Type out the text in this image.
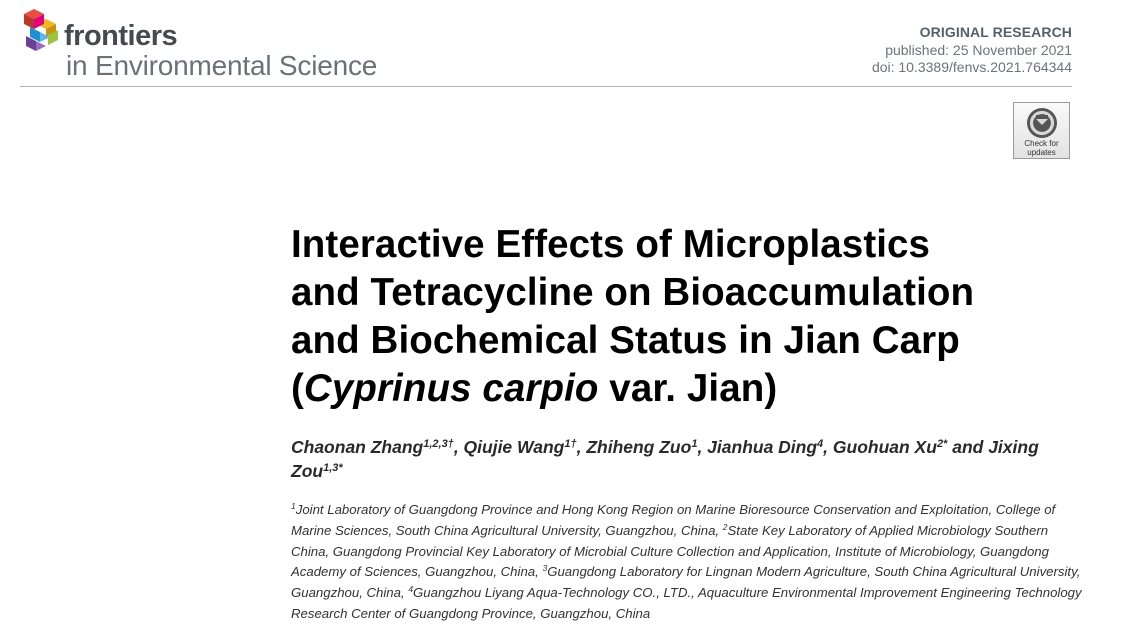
frontiers
in Environmental Science
ORIGINAL RESEARCH
published: 25 November 2021
doi: 10.3389/fenvs.2021.764344
Check for
updates
Interactive Effects of Microplastics
and Tetracycline on Bioaccumulation
and Biochemical Status in Jian Carp
(Cyprinus carpio var. Jian)

Chaonan Zhang$^{1,2,3\dagger}$, Qiujie Wang$^{1\dagger}$, Zhiheng Zuo$^1$, Jianhua Ding$^4$, Guohuan $Xu^{2*}$ and Jixing Zou$^{1,3*}$

$^1$Joint Laboratory of Guangdong Province and Hong Kong Region on Marine Bioresource Conservation and Exploitation, College of Marine Sciences, South China Agricultural University, Guangzhou, China, $^2$State Key Laboratory of Applied Microbiology Southern China, Guangdong Provincial Key Laboratory of Microbial Culture Collection and Application, Institute of Microbiology, Guangdong Academy of Sciences, Guangzhou, China, $^3$Guangdong Laboratory for Lingnan Modern Agriculture, South China Agricultural University, Guangzhou, China, $^4$Guangzhou Liyang Aqua-Technology CO., LTD., Aquaculture Environmental Improvement Engineering Technology Research Center of Guangdong Province, Guangzhou, China
